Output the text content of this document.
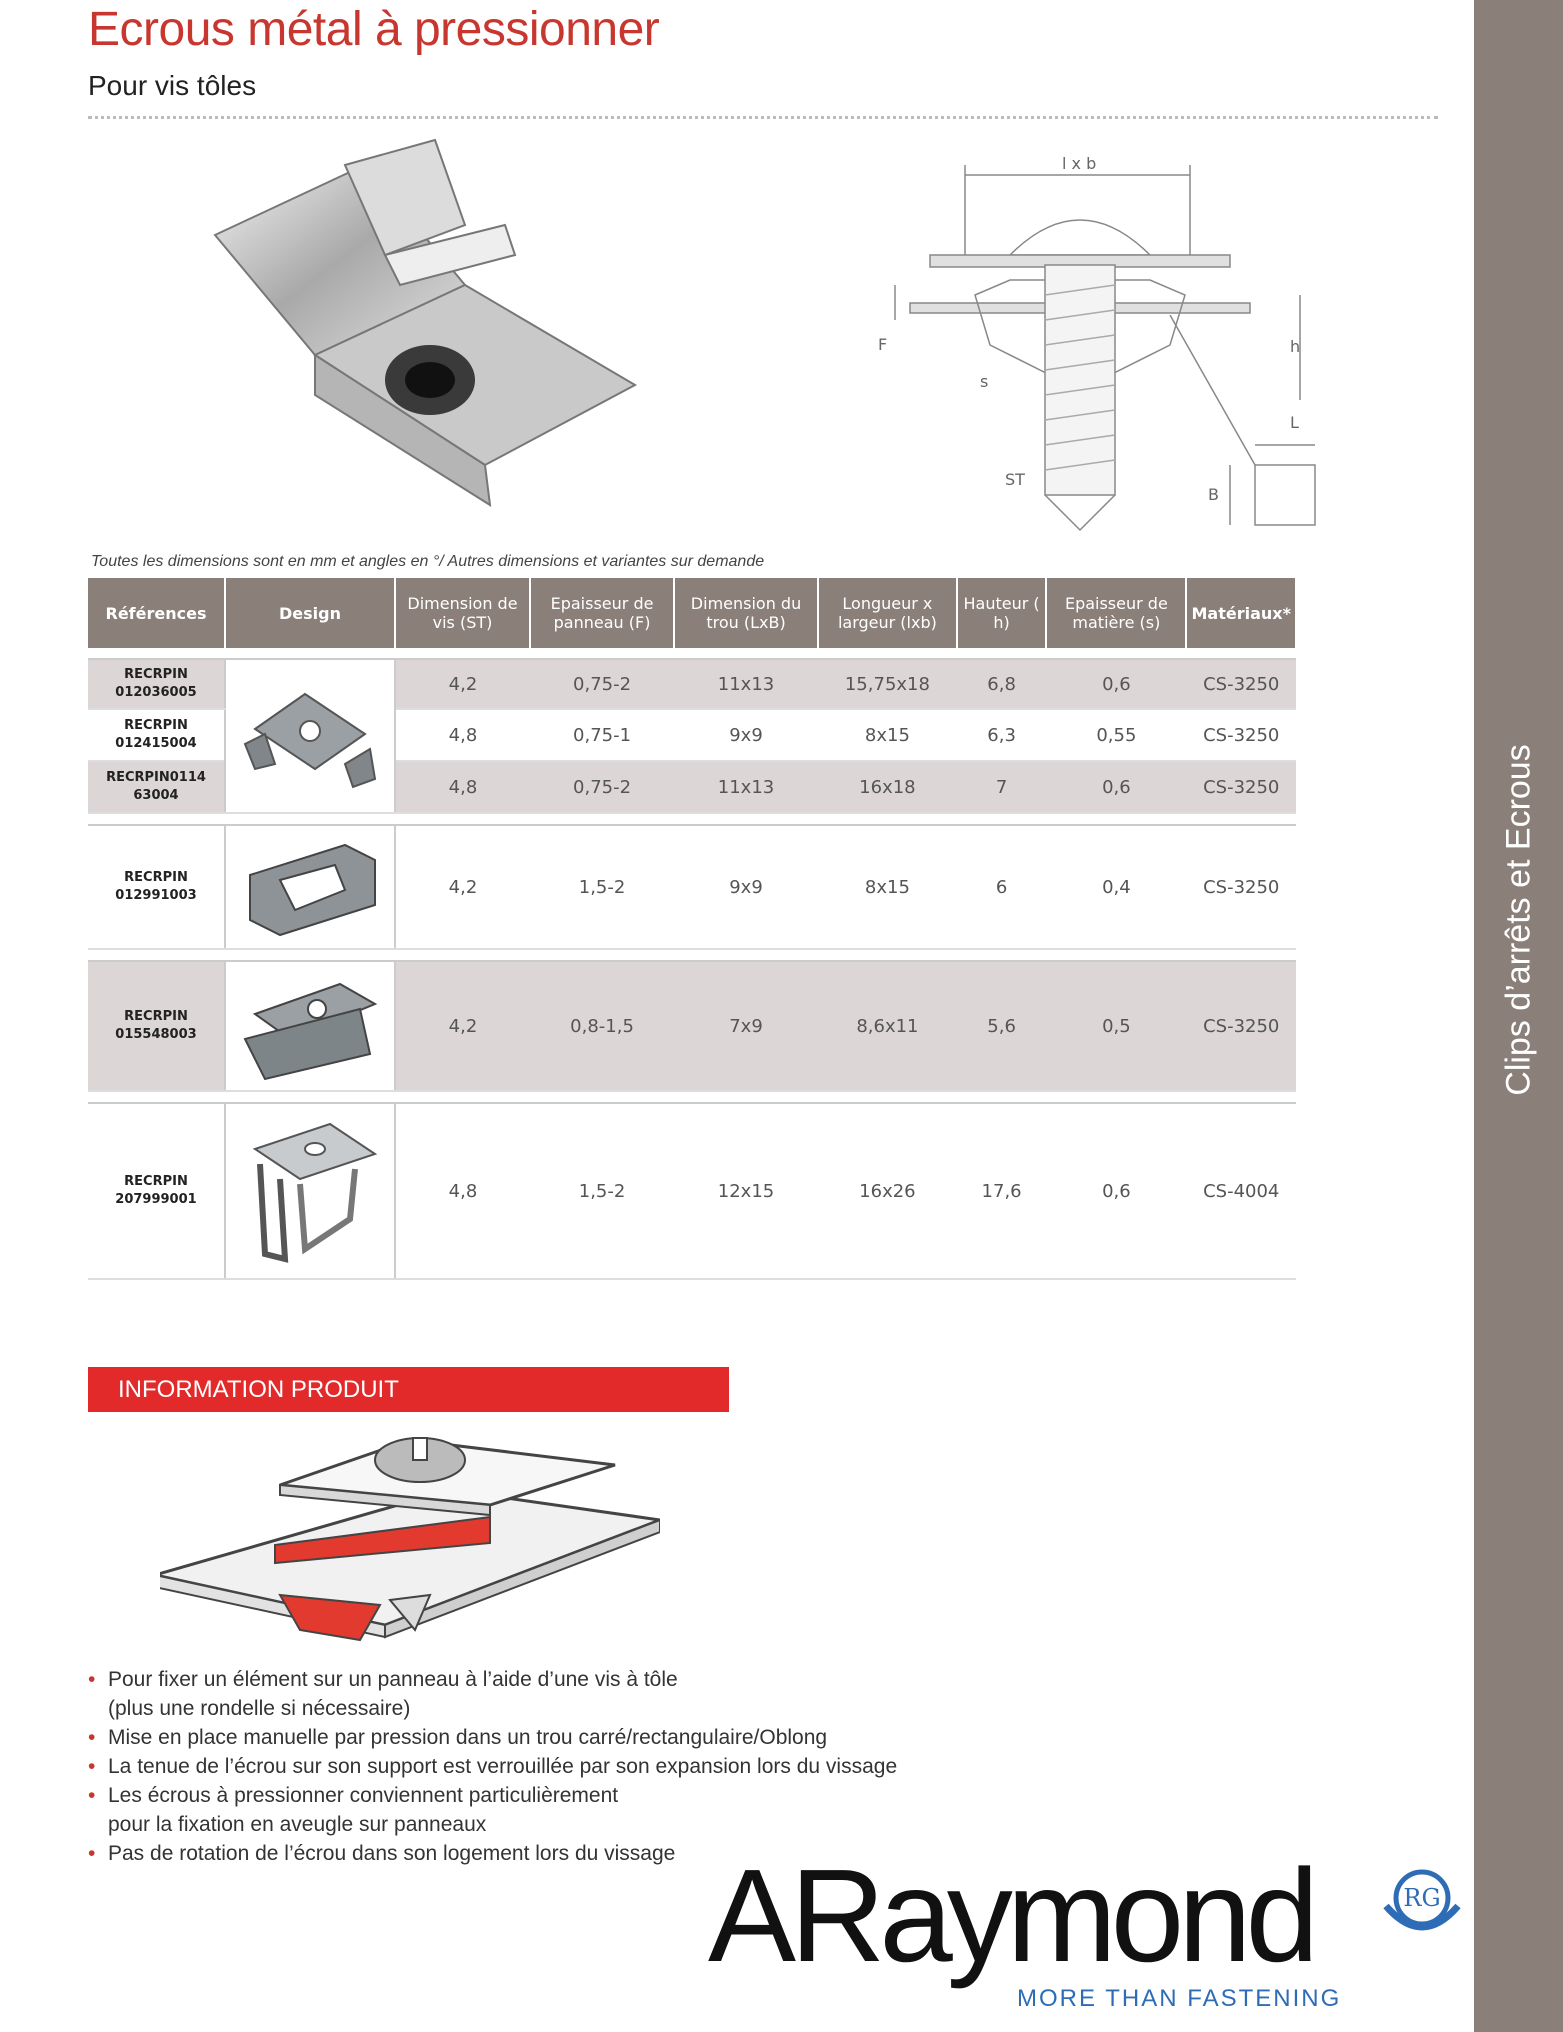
Ecrous métal à pressionner
Pour vis tôles
Clips d’arrêts et Ecrous
l x b
F	h
s
L
ST
B
Toutes les dimensions sont en mm et angles en °/ Autres dimensions et variantes sur demande
Références	Design	Dimension de vis (ST)	Epaisseur de panneau (F)	Dimension du trou (LxB)	Longueur x largeur (lxb)	Hauteur ( h)	Epaisseur de matière (s)	Matériaux*

RECRPIN
012036005		4,2	0,75-2	11x13	15,75x18	6,8	0,6	CS-3250
RECRPIN
012415004		4,8	0,75-1	9x9	8x15	6,3	0,55	CS-3250
RECRPIN0114
63004		4,8	0,75-2	11x13	16x18	7	0,6	CS-3250

RECRPIN
012991003		4,2	1,5-2	9x9	8x15	6	0,4	CS-3250

RECRPIN
015548003		4,2	0,8-1,5	7x9	8,6x11	5,6	0,5	CS-3250

RECRPIN
207999001		4,8	1,5-2	12x15	16x26	17,6	0,6	CS-4004
INFORMATION PRODUIT
• Pour fixer un élément sur un panneau à l’aide d’une vis à tôle
(plus une rondelle si nécessaire)
• Mise en place manuelle par pression dans un trou carré/rectangulaire/Oblong
• La tenue de l’écrou sur son support est verrouillée par son expansion lors du vissage
• Les écrous à pressionner conviennent particulièrement
pour la fixation en aveugle sur panneaux
• Pas de rotation de l’écrou dans son logement lors du vissage ARaymond	RG
MORE THAN FASTENING
